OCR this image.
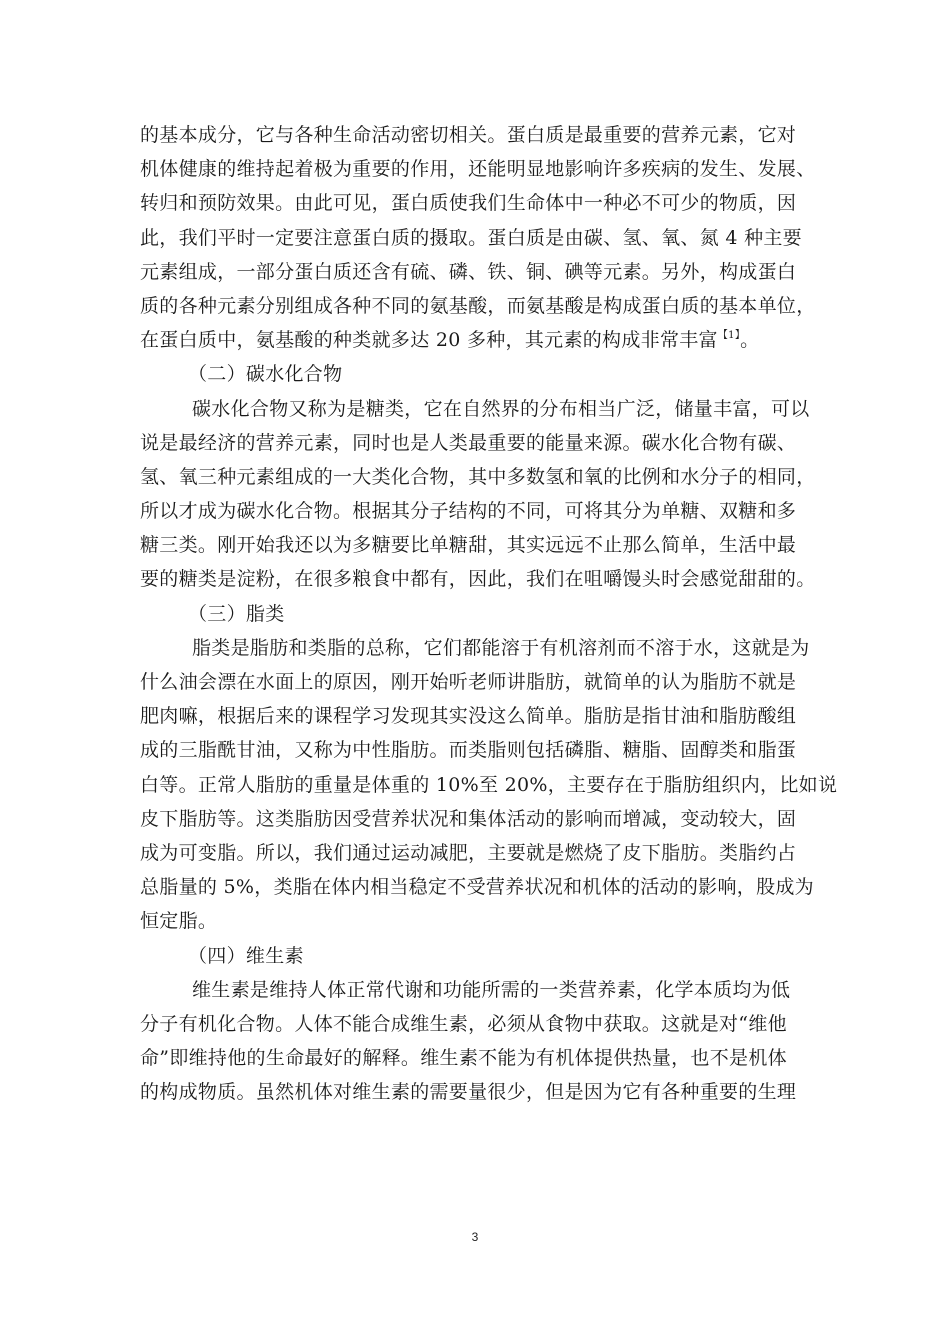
的基本成分，它与各种生命活动密切相关。蛋白质是最重要的营养元素，它对
机体健康的维持起着极为重要的作用，还能明显地影响许多疾病的发生、发展、
转归和预防效果。由此可见，蛋白质使我们生命体中一种必不可少的物质，因
此，我们平时一定要注意蛋白质的摄取。蛋白质是由碳、氢、氧、氮 4 种主要
元素组成，一部分蛋白质还含有硫、磷、铁、铜、碘等元素。另外，构成蛋白
质的各种元素分别组成各种不同的氨基酸，而氨基酸是构成蛋白质的基本单位，
在蛋白质中，氨基酸的种类就多达 20 多种，其元素的构成非常丰富$^{【1】}$。
（二）碳水化合物
碳水化合物又称为是糖类，它在自然界的分布相当广泛，储量丰富，可以
说是最经济的营养元素，同时也是人类最重要的能量来源。碳水化合物有碳、
氢、氧三种元素组成的一大类化合物，其中多数氢和氧的比例和水分子的相同，
所以才成为碳水化合物。根据其分子结构的不同，可将其分为单糖、双糖和多
糖三类。刚开始我还以为多糖要比单糖甜，其实远远不止那么简单，生活中最
要的糖类是淀粉，在很多粮食中都有，因此，我们在咀嚼馒头时会感觉甜甜的。
（三）脂类
脂类是脂肪和类脂的总称，它们都能溶于有机溶剂而不溶于水，这就是为
什么油会漂在水面上的原因，刚开始听老师讲脂肪，就简单的认为脂肪不就是
肥肉嘛，根据后来的课程学习发现其实没这么简单。脂肪是指甘油和脂肪酸组
成的三脂酰甘油，又称为中性脂肪。而类脂则包括磷脂、糖脂、固醇类和脂蛋
白等。正常人脂肪的重量是体重的 10%至 20%，主要存在于脂肪组织内，比如说
皮下脂肪等。这类脂肪因受营养状况和集体活动的影响而增减，变动较大，固
成为可变脂。所以，我们通过运动减肥，主要就是燃烧了皮下脂肪。类脂约占
总脂量的 5%，类脂在体内相当稳定不受营养状况和机体的活动的影响，股成为
恒定脂。
（四）维生素
维生素是维持人体正常代谢和功能所需的一类营养素，化学本质均为低
分子有机化合物。人体不能合成维生素，必须从食物中获取。这就是对“维他
命”即维持他的生命最好的解释。维生素不能为有机体提供热量，也不是机体
的构成物质。虽然机体对维生素的需要量很少，但是因为它有各种重要的生理
3
